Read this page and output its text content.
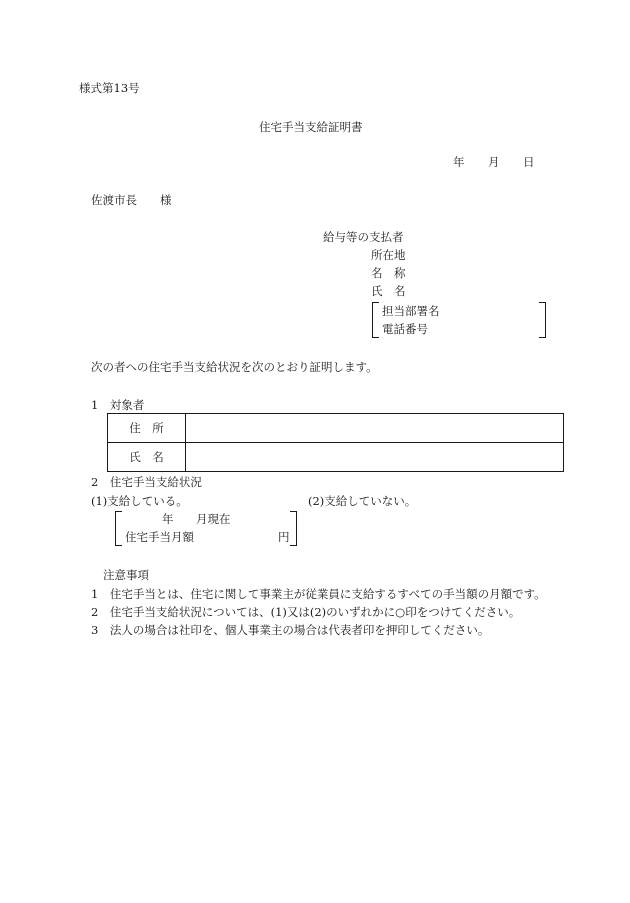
様式第13号
住宅手当支給証明書
年 月 日
佐渡市長　　様
給与等の支払者
所在地
名　称
氏　名
担当部署名
電話番号
次の者への住宅手当支給状況を次のとおり証明します。
1　対象者
住　所	
氏　名	
2　住宅手当支給状況
(1)支給している。	(2)支給していない。
年 月現在
住宅手当月額	円
注意事項
1　住宅手当とは、住宅に関して事業主が従業員に支給するすべての手当額の月額です。
2　住宅手当支給状況については、(1)又は(2)のいずれかに○印をつけてください。
3　法人の場合は社印を、個人事業主の場合は代表者印を押印してください。
